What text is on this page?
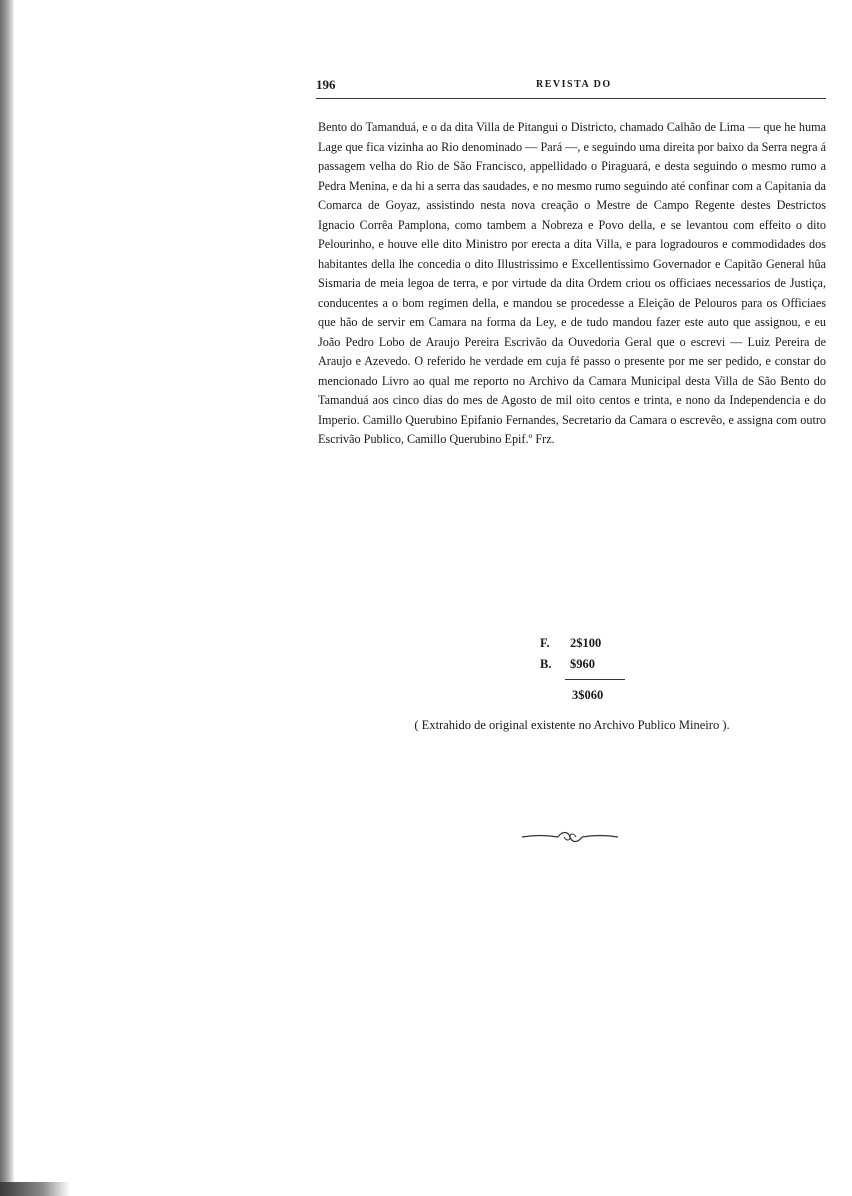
196	REVISTA DO

Bento do Tamanduá, e o da dita Villa de Pitangui o Districto, chamado Calhão de Lima — que he huma Lage que fica vizinha ao Rio denominado — Pará —, e seguindo uma direita por baixo da Serra negra á passagem velha do Rio de São Francisco, appellidado o Piraguará, e desta seguindo o mesmo rumo a Pedra Menina, e da hi a serra das saudades, e no mesmo rumo seguindo até confinar com a Capitania da Comarca de Goyaz, assistindo nesta nova creação o Mestre de Campo Regente destes Destrictos Ignacio Corrêa Pamplona, como tambem a Nobreza e Povo della, e se levantou com effeito o dito Pelourinho, e houve elle dito Ministro por erecta a dita Villa, e para logradouros e commodidades dos habitantes della lhe concedia o dito Illustrissimo e Excellentissimo Governador e Capitão General hûa Sismaria de meia legoa de terra, e por virtude da dita Ordem criou os officiaes necessarios de Justiça, conducentes a o bom regimen della, e mandou se procedesse a Eleição de Pelouros para os Officiaes que hão de servir em Camara na forma da Ley, e de tudo mandou fazer este auto que assignou, e eu João Pedro Lobo de Araujo Pereira Escrivão da Ouvedoria Geral que o escrevi — Luiz Pereira de Araujo e Azevedo. O referido he verdade em cuja fé passo o presente por me ser pedido, e constar do mencionado Livro ao qual me reporto no Archivo da Camara Municipal desta Villa de São Bento do Tamanduá aos cinco dias do mes de Agosto de mil oito centos e trinta, e nono da Independencia e do Imperio. Camillo Querubino Epifanio Fernandes, Secretario da Camara o escrevêo, e assigna com outro Escrivão Publico, Camillo Querubino Epif.º Frz.

F. 2$100
B. $960
3$060
( Extrahido de original existente no Archivo Publico Mineiro ).
